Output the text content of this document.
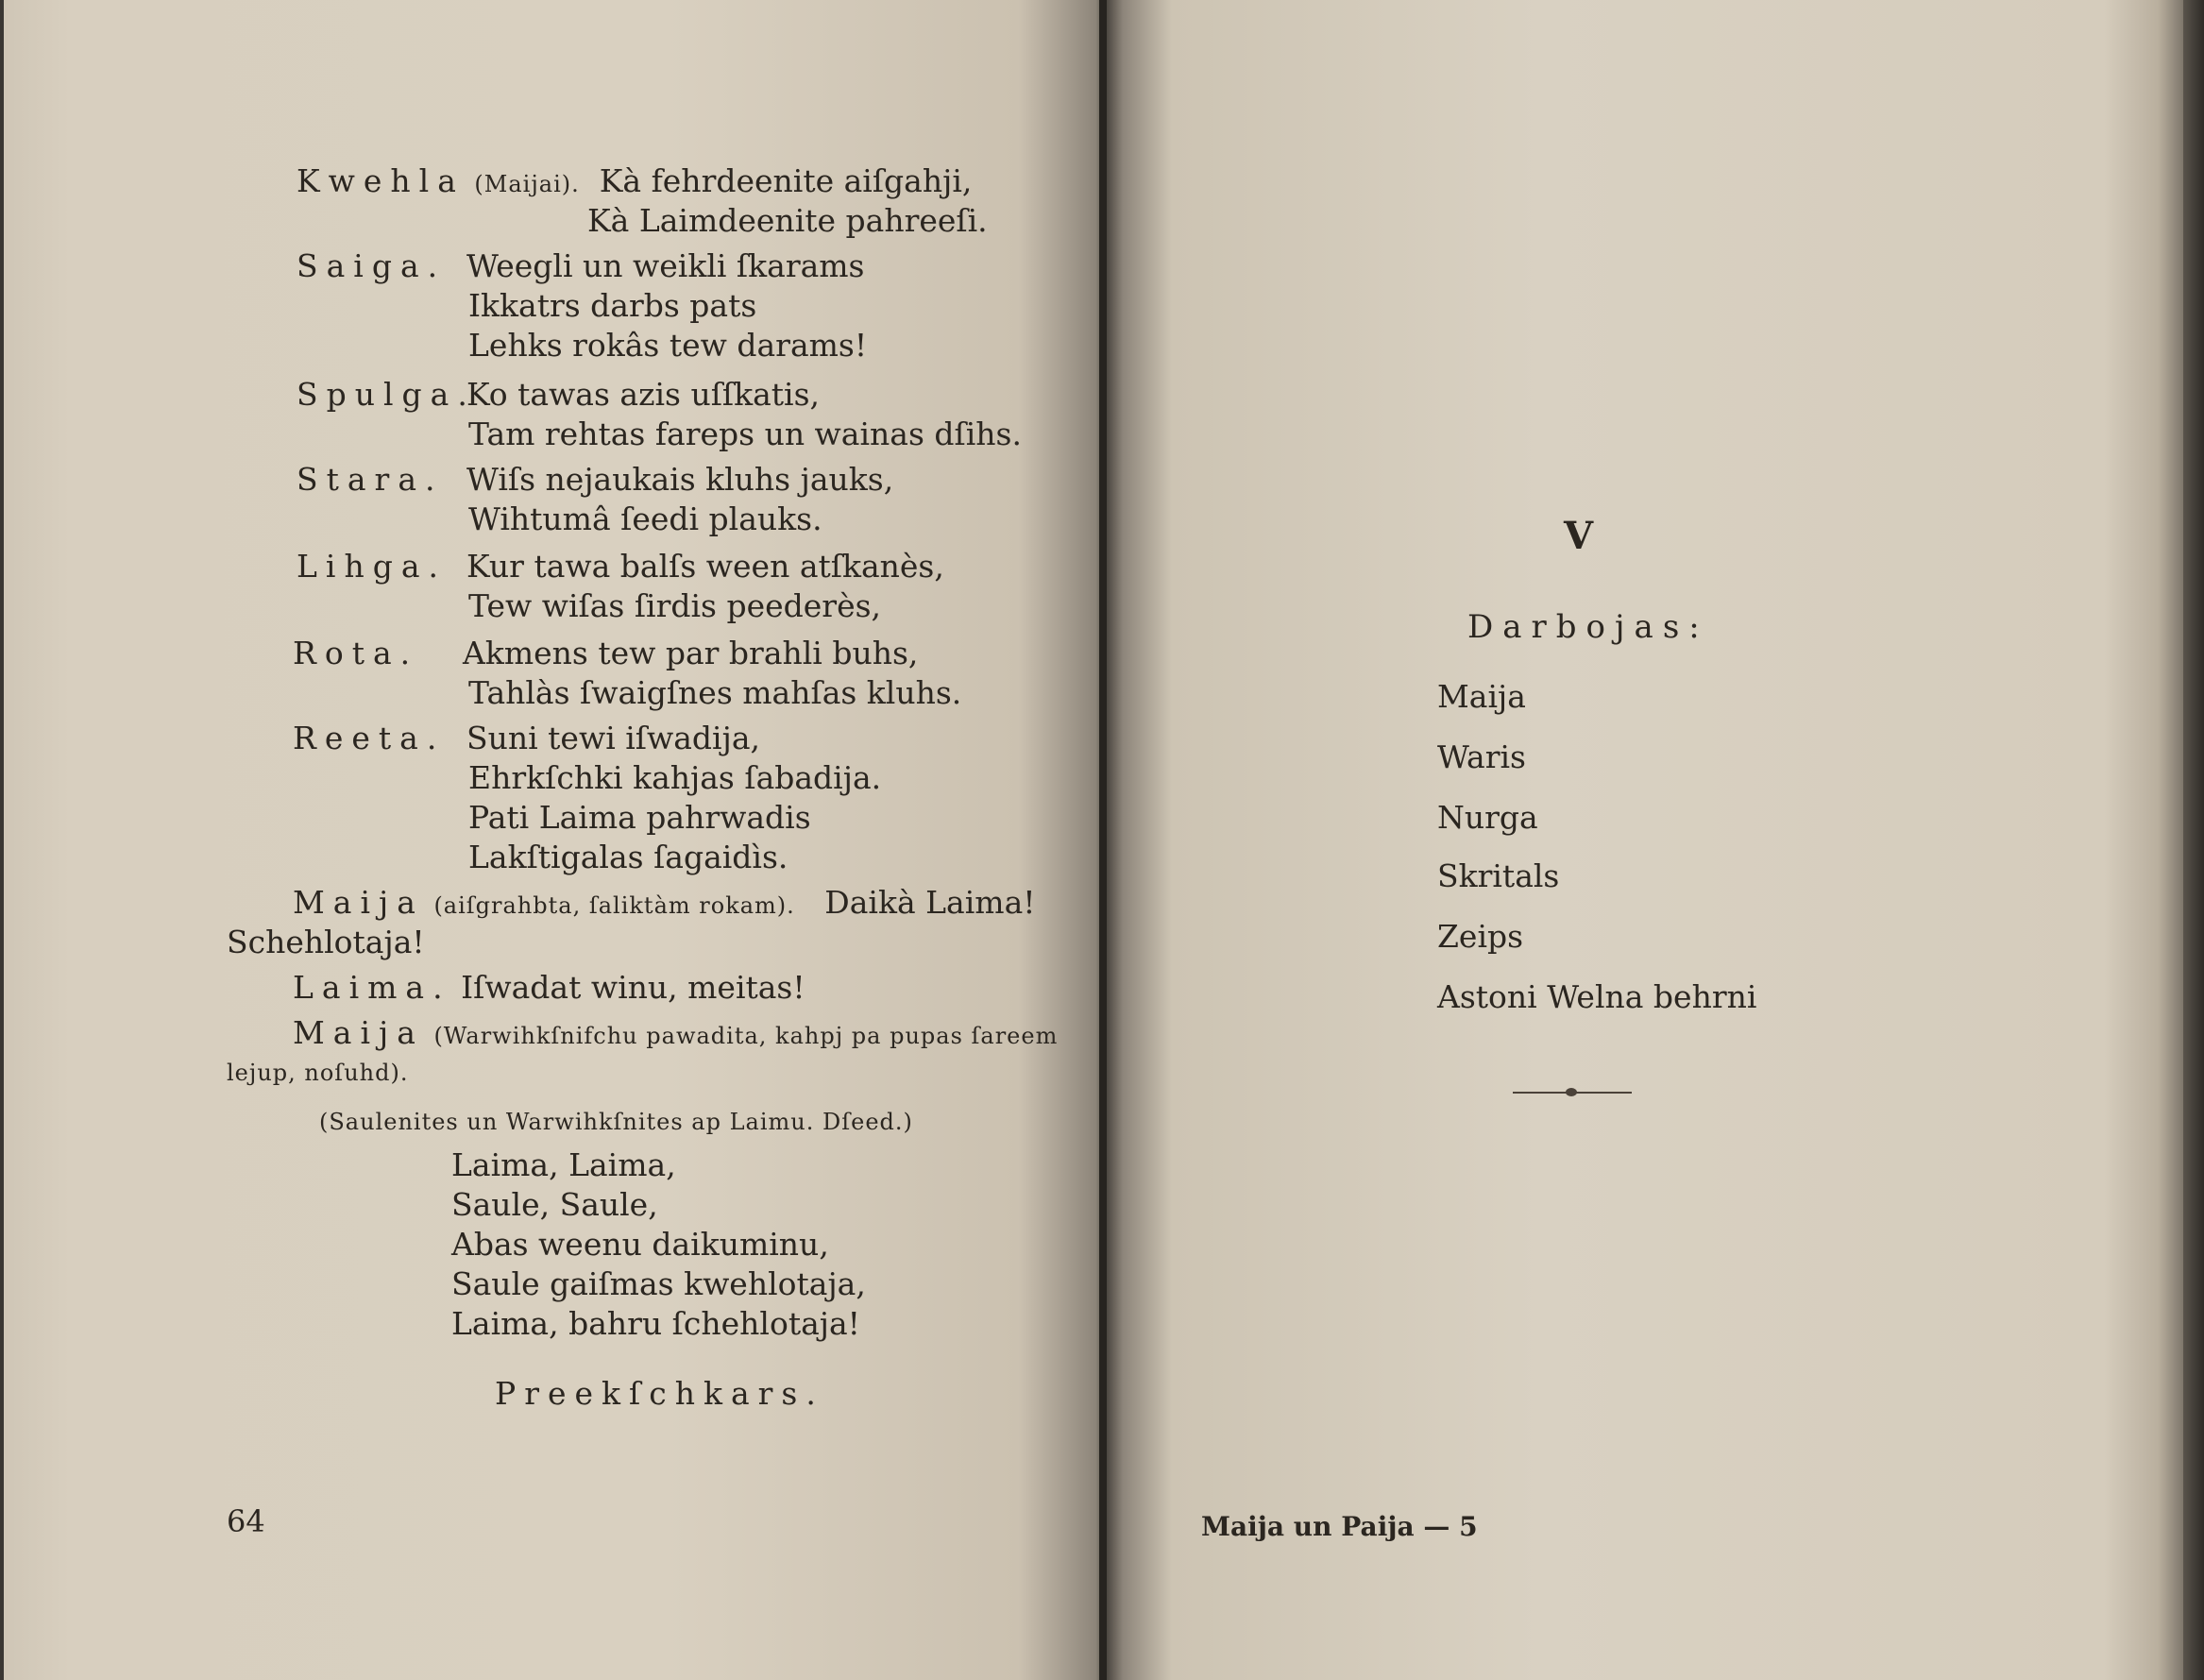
Kwehla (Maijai). Kà fehrdeenite aiſgahji,
Kà Laimdeenite pahreeſi.
Saiga. Weegli un weikli ſkarams
Ikkatrs darbs pats
Lehks rokâs tew darams!
Spulga.Ko tawas azis uſſkatis,
Tam rehtas fareps un wainas dſihs.
Stara. Wiſs nejaukais kluhs jauks,
Wihtumâ ſeedi plauks.
Lihga. Kur tawa balſs ween atſkanès,
Tew wiſas ſirdis peederès,
Rota. Akmens tew par brahli buhs,
Tahlàs ſwaigſnes mahſas kluhs.
Reeta. Suni tewi iſwadija,
Ehrkſchki kahjas ſabadija.
Pati Laima pahrwadis
Lakſtigalas ſagaidìs.
Maija (aiſgrahbta, ſaliktàm rokam). Daikà Laima!
Schehlotaja!
Laima. Iſwadat winu, meitas!
Maija (Warwihkſnifchu pawadita, kahpj pa pupas ſareem
lejup, noſuhd).
(Saulenites un Warwihkſnites ap Laimu. Dſeed.)
Laima, Laima,
Saule, Saule,
Abas weenu daikuminu,
Saule gaiſmas kwehlotaja,
Laima, bahru ſchehlotaja!
Preekſchkars.
64
V
Darbojas:
Maija
Waris
Nurga
Skritals
Zeips
Astoni Welna behrni
Maija un Paija — 5
